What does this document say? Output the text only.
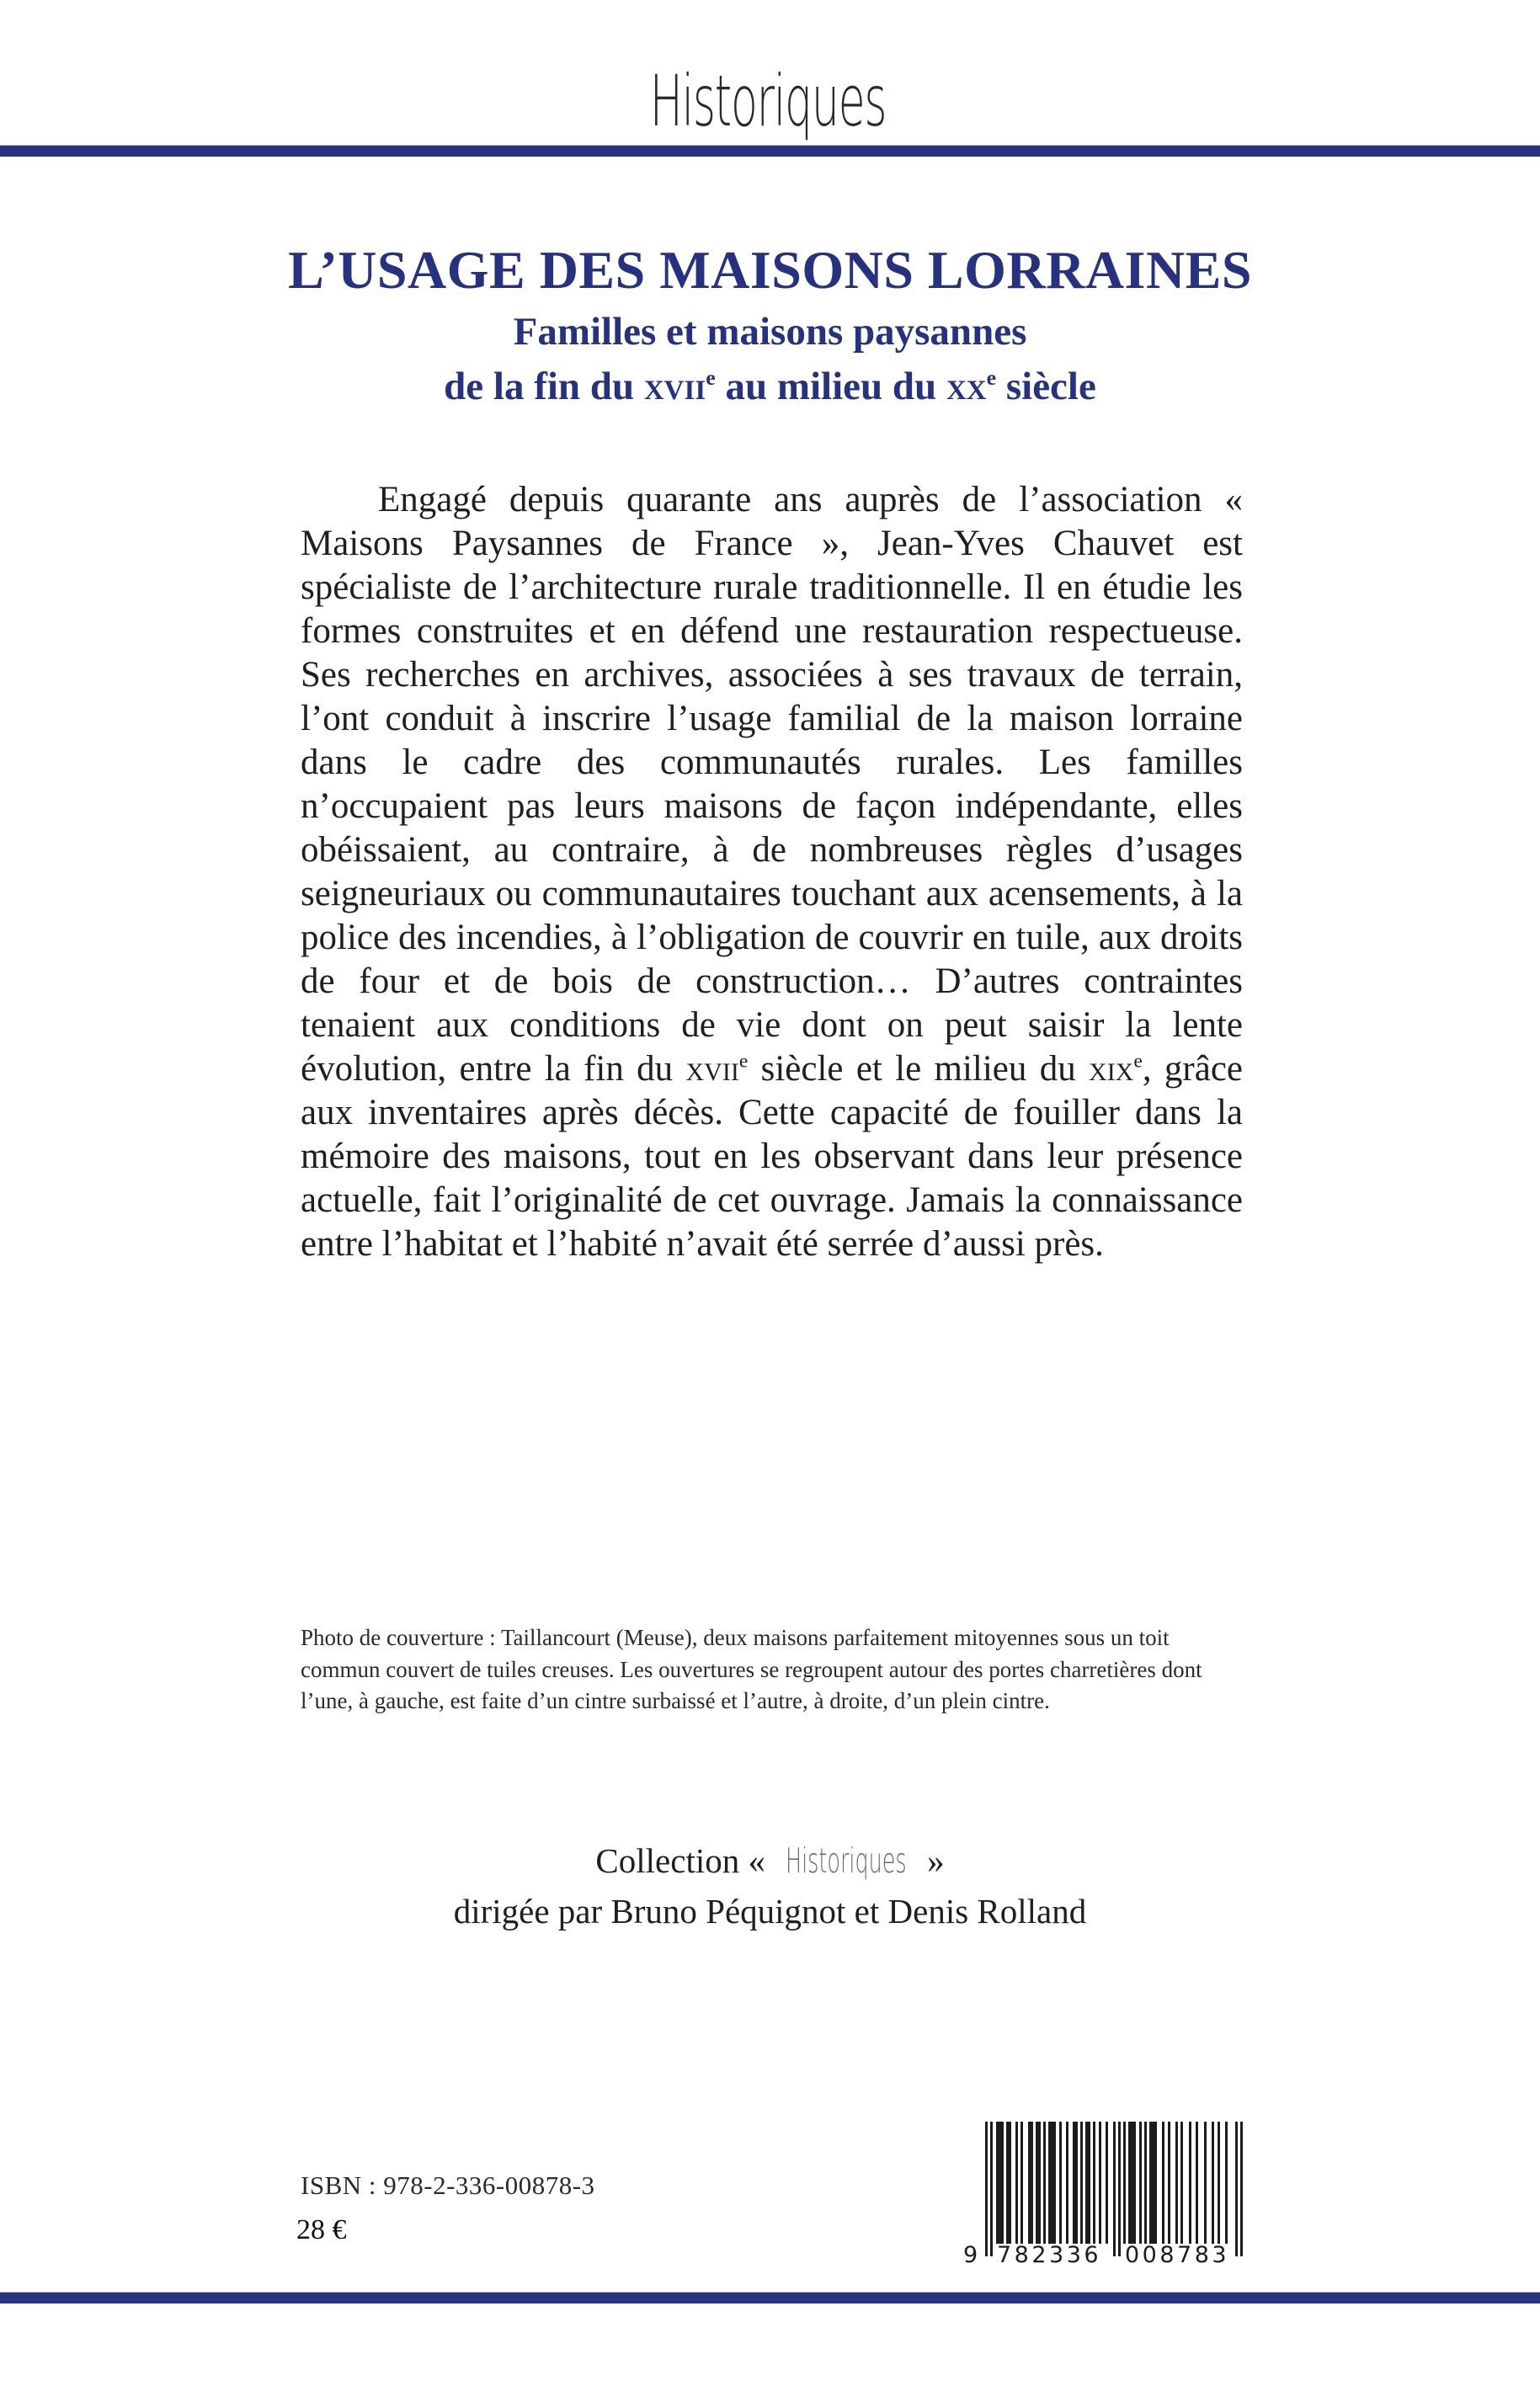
Historiques
L’USAGE DES MAISONS LORRAINES
Familles et maisons paysannes
de la fin du xvii$^e$ au milieu du $xx^e$ siècle

Engagé depuis quarante ans auprès de l’association « Maisons Paysannes de France », Jean-Yves Chauvet est spécialiste de l’architecture rurale traditionnelle. Il en étudie les formes construites et en défend une restauration respectueuse. Ses recherches en archives, associées à ses travaux de terrain, l’ont conduit à inscrire l’usage familial de la maison lorraine dans le cadre des communautés rurales. Les familles n’occupaient pas leurs maisons de façon indépendante, elles obéissaient, au contraire, à de nombreuses règles d’usages seigneuriaux ou communautaires touchant aux acensements, à la police des incendies, à l’obligation de couvrir en tuile, aux droits de four et de bois de construction… D’autres contraintes tenaient aux conditions de vie dont on peut saisir la lente évolution, entre la fin du xvii$^e$ siècle et le milieu du xix$^e$, grâce aux inventaires après décès. Cette capacité de fouiller dans la mémoire des maisons, tout en les observant dans leur présence actuelle, fait l’originalité de cet ouvrage. Jamais la connaissance entre l’habitat et l’habité n’avait été serrée d’aussi près.

Photo de couverture : Taillancourt (Meuse), deux maisons parfaitement mitoyennes sous un toit commun couvert de tuiles creuses. Les ouvertures se regroupent autour des portes charretières dont l’une, à gauche, est faite d’un cintre surbaissé et l’autre, à droite, d’un plein cintre.
Collection « Historiques »
dirigée par Bruno Péquignot et Denis Rolland
ISBN : 978-2-336-00878-3
28 €
9 782336	008783
